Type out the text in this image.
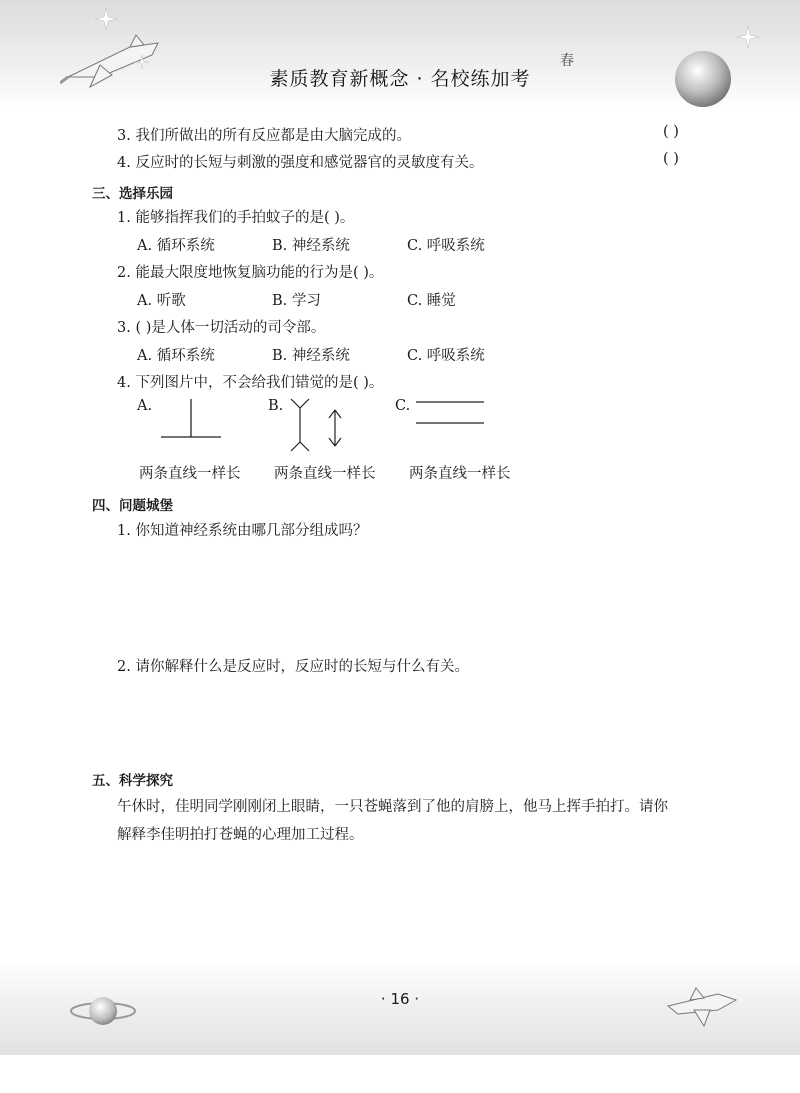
春
素质教育新概念 · 名校练加考
3. 我们所做出的所有反应都是由大脑完成的。	( )
4. 反应时的长短与刺激的强度和感觉器官的灵敏度有关。	( )
三、选择乐园
1. 能够指挥我们的手拍蚊子的是( )。
A. 循环系统	B. 神经系统	C. 呼吸系统
2. 能最大限度地恢复脑功能的行为是( )。
A. 听歌	B. 学习	C. 睡觉
3. ( )是人体一切活动的司令部。
A. 循环系统	B. 神经系统	C. 呼吸系统
4. 下列图片中，不会给我们错觉的是( )。
A.	B.	C.
两条直线一样长 两条直线一样长 两条直线一样长
四、问题城堡
1. 你知道神经系统由哪几部分组成吗？
2. 请你解释什么是反应时，反应时的长短与什么有关。
五、科学探究
午休时，佳明同学刚刚闭上眼睛，一只苍蝇落到了他的肩膀上，他马上挥手拍打。请你
解释李佳明拍打苍蝇的心理加工过程。
· 16 ·
